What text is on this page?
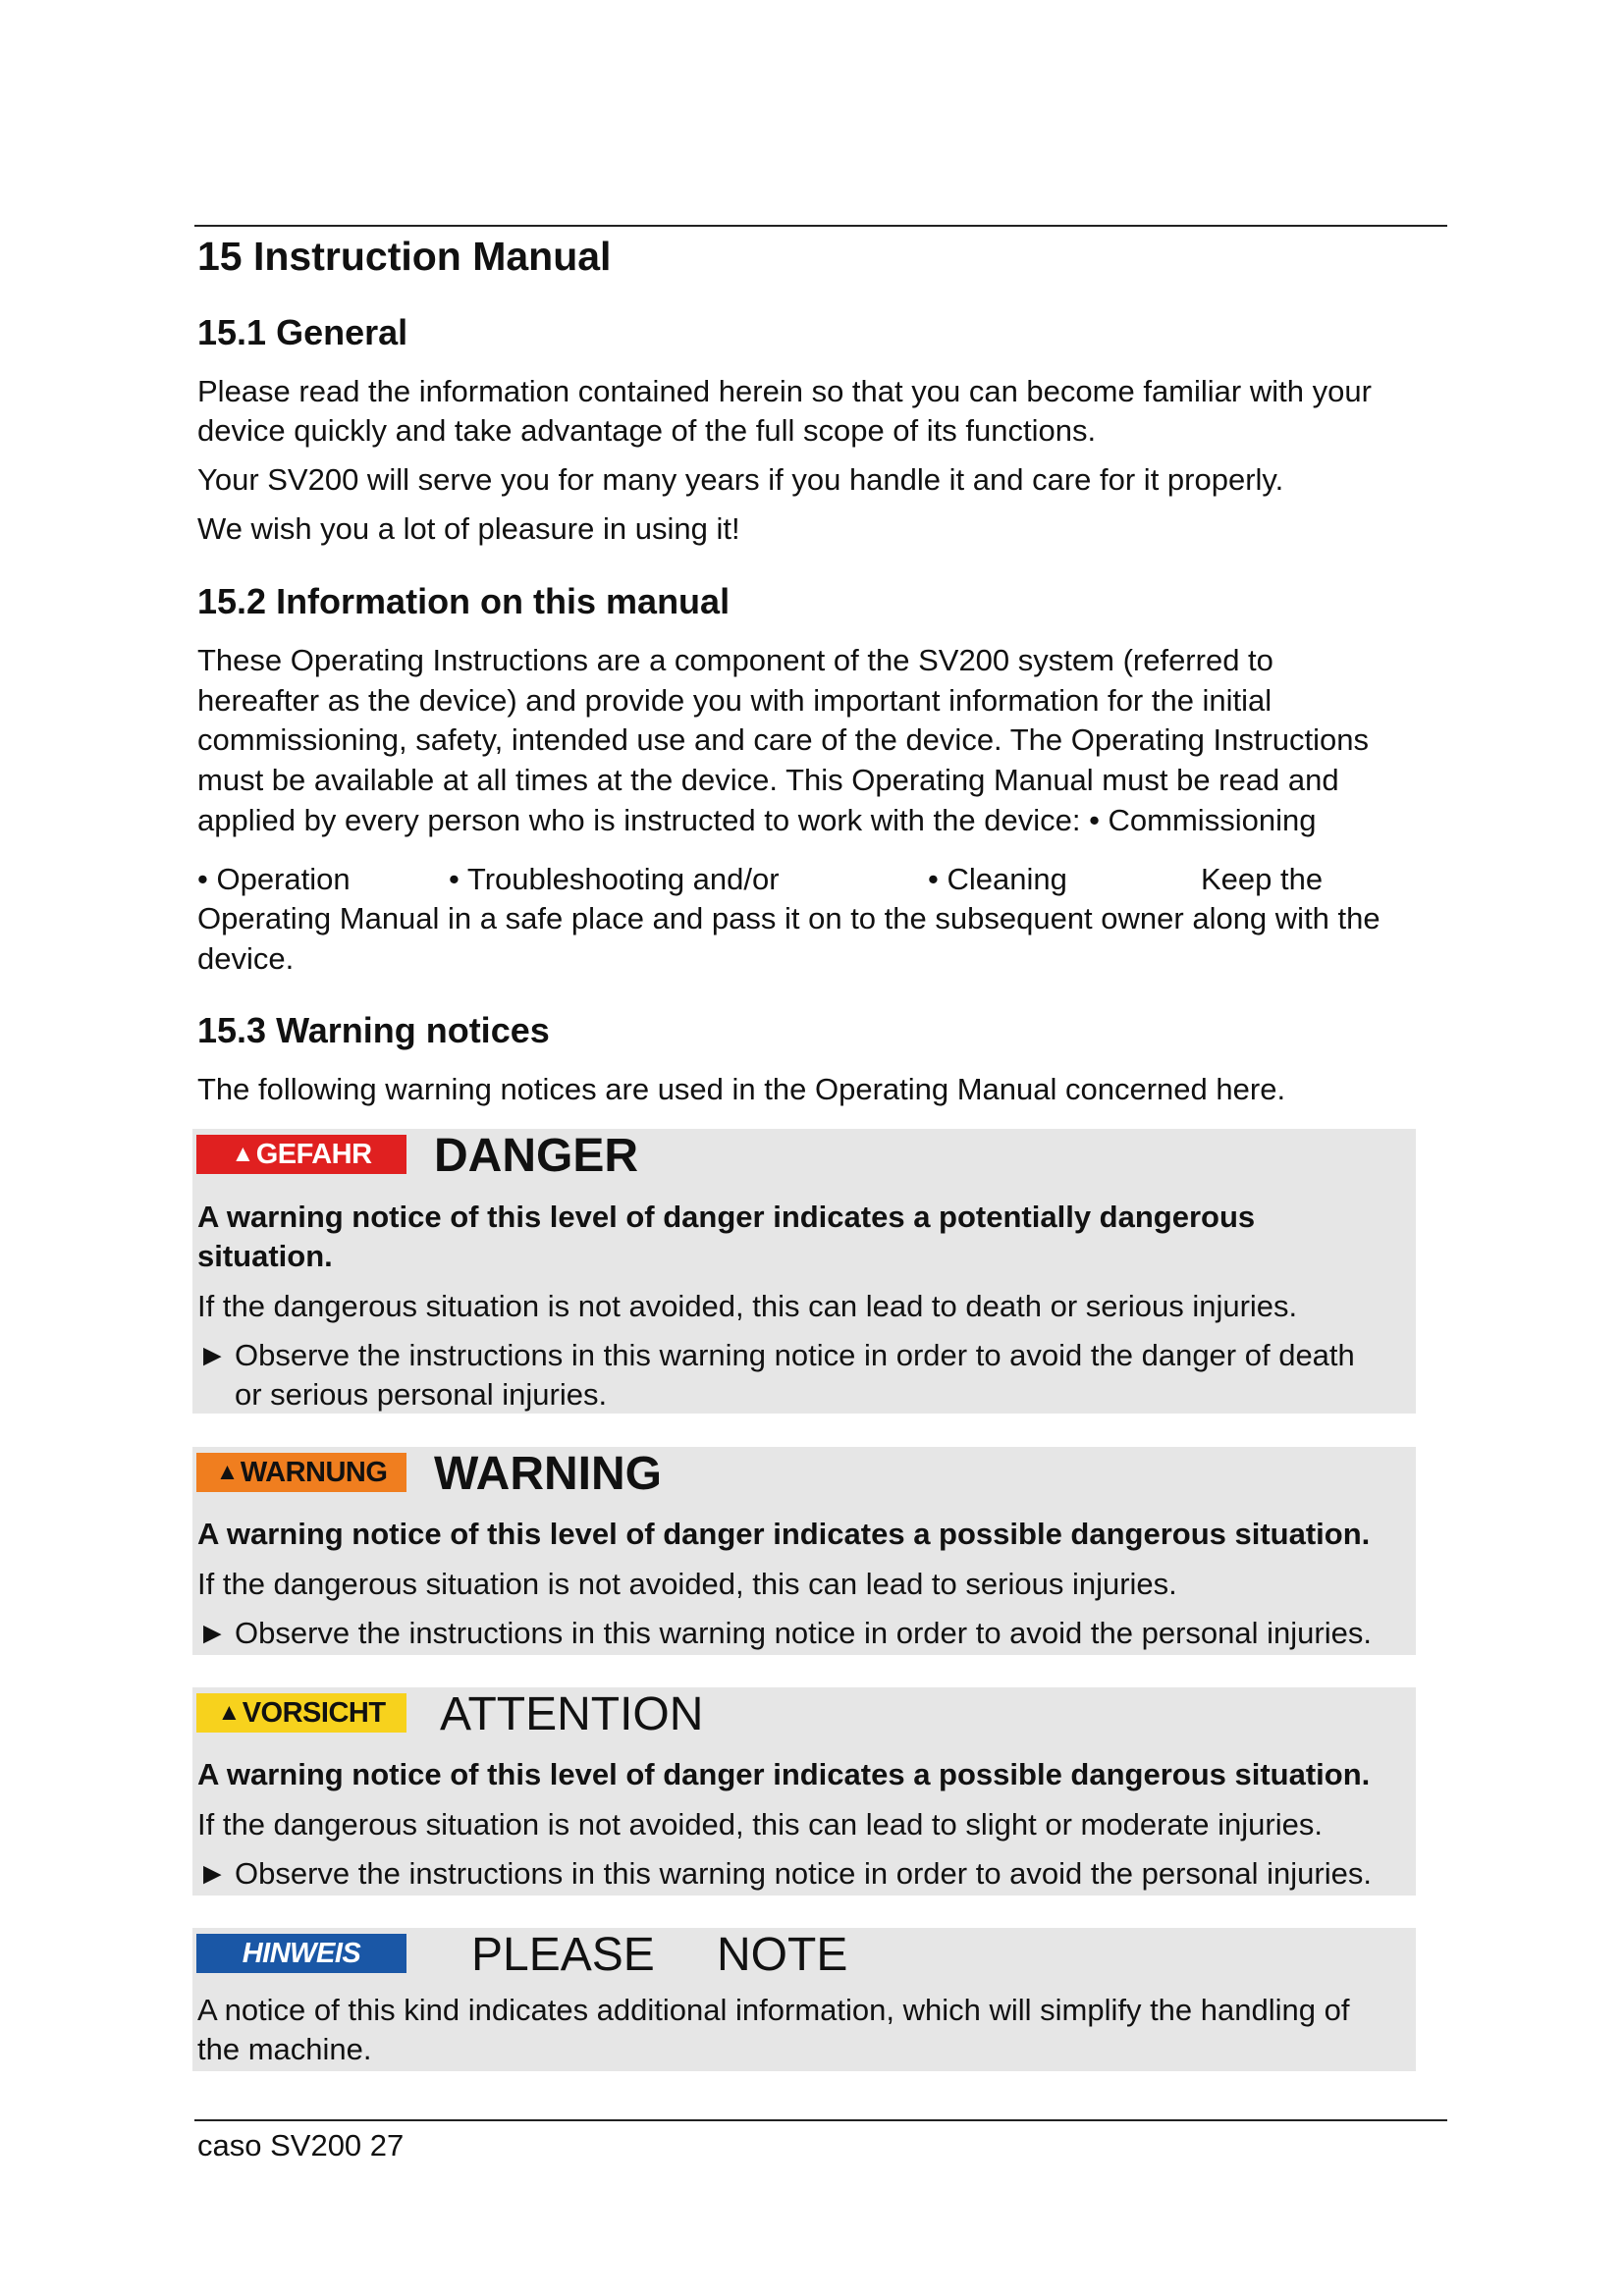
15 Instruction Manual
15.1 General

Please read the information contained herein so that you can become familiar with your

device quickly and take advantage of the full scope of its functions.

Your SV200 will serve you for many years if you handle it and care for it properly.

We wish you a lot of pleasure in using it!

15.2 Information on this manual

These Operating Instructions are a component of the SV200 system (referred to

hereafter as the device) and provide you with important information for the initial

commissioning, safety, intended use and care of the device. The Operating Instructions

must be available at all times at the device. This Operating Manual must be read and

applied by every person who is instructed to work with the device: • Commissioning

• Operation	• Troubleshooting and/or	• Cleaning	Keep the

Operating Manual in a safe place and pass it on to the subsequent owner along with the

device.

15.3 Warning notices

The following warning notices are used in the Operating Manual concerned here.

▲ GEFAHR DANGER
A warning notice of this level of danger indicates a potentially dangerous
situation.
If the dangerous situation is not avoided, this can lead to death or serious injuries.
► Observe the instructions in this warning notice in order to avoid the danger of death
or serious personal injuries.
▲ WARNUNG WARNING
A warning notice of this level of danger indicates a possible dangerous situation.
If the dangerous situation is not avoided, this can lead to serious injuries.
► Observe the instructions in this warning notice in order to avoid the personal injuries.
▲ VORSICHT ATTENTION
A warning notice of this level of danger indicates a possible dangerous situation.
If the dangerous situation is not avoided, this can lead to slight or moderate injuries.
► Observe the instructions in this warning notice in order to avoid the personal injuries.
HINWEIS PLEASE NOTE
A notice of this kind indicates additional information, which will simplify the handling of
the machine.
caso SV200 27
